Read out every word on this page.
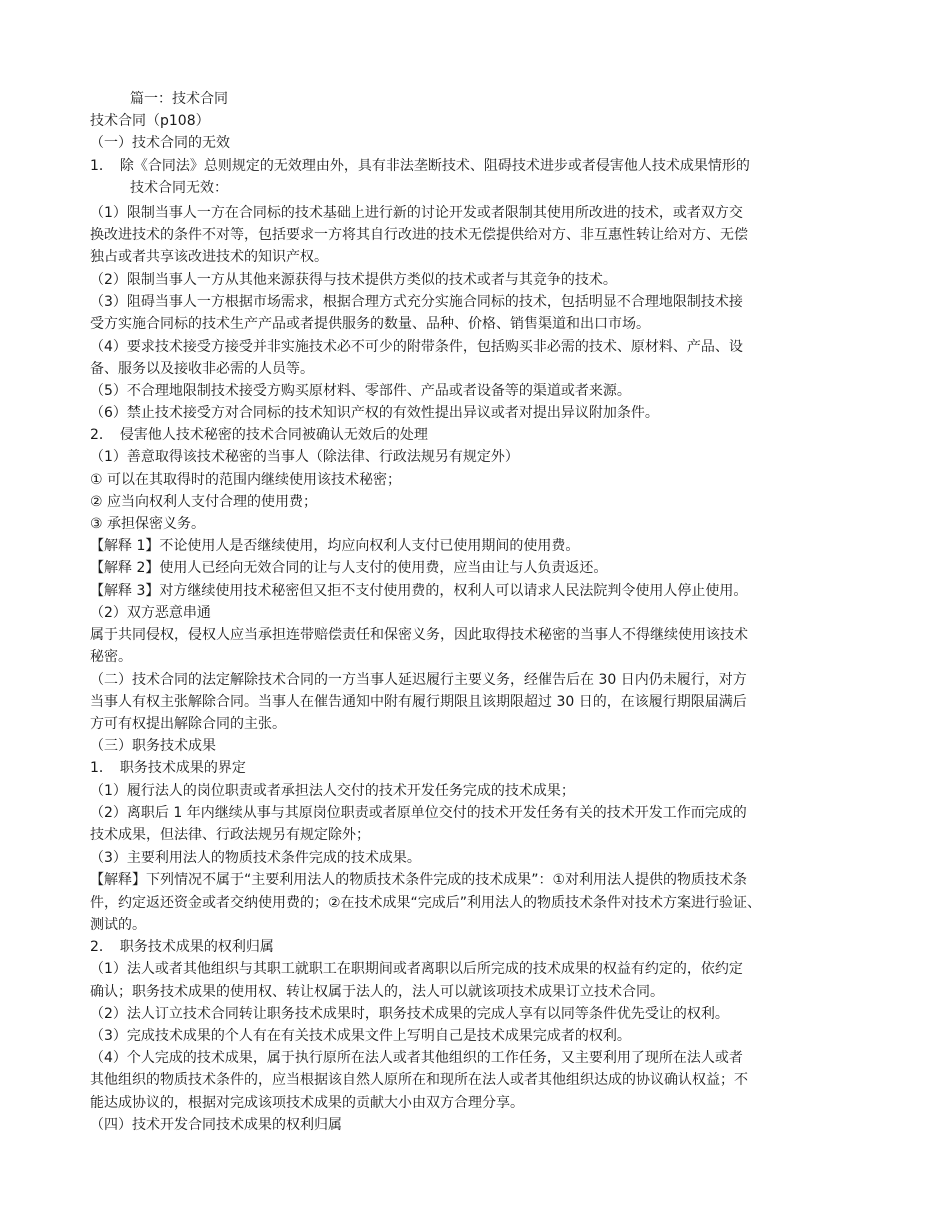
篇一：技术合同
技术合同（p108）
（一）技术合同的无效
1．　除《合同法》总则规定的无效理由外，具有非法垄断技术、阻碍技术进步或者侵害他人技术成果情形的
技术合同无效：
（1）限制当事人一方在合同标的技术基础上进行新的讨论开发或者限制其使用所改进的技术，或者双方交
换改进技术的条件不对等，包括要求一方将其自行改进的技术无偿提供给对方、非互惠性转让给对方、无偿
独占或者共享该改进技术的知识产权。
（2）限制当事人一方从其他来源获得与技术提供方类似的技术或者与其竞争的技术。
（3）阻碍当事人一方根据市场需求，根据合理方式充分实施合同标的技术，包括明显不合理地限制技术接
受方实施合同标的技术生产产品或者提供服务的数量、品种、价格、销售渠道和出口市场。
（4）要求技术接受方接受并非实施技术必不可少的附带条件，包括购买非必需的技术、原材料、产品、设
备、服务以及接收非必需的人员等。
（5）不合理地限制技术接受方购买原材料、零部件、产品或者设备等的渠道或者来源。
（6）禁止技术接受方对合同标的技术知识产权的有效性提出异议或者对提出异议附加条件。
2．　侵害他人技术秘密的技术合同被确认无效后的处理
（1）善意取得该技术秘密的当事人（除法律、行政法规另有规定外）
① 可以在其取得时的范围内继续使用该技术秘密；
② 应当向权利人支付合理的使用费；
③ 承担保密义务。
【解释 1】不论使用人是否继续使用，均应向权利人支付已使用期间的使用费。
【解释 2】使用人已经向无效合同的让与人支付的使用费，应当由让与人负责返还。
【解释 3】对方继续使用技术秘密但又拒不支付使用费的，权利人可以请求人民法院判令使用人停止使用。
（2）双方恶意串通
属于共同侵权，侵权人应当承担连带赔偿责任和保密义务，因此取得技术秘密的当事人不得继续使用该技术
秘密。
（二）技术合同的法定解除技术合同的一方当事人延迟履行主要义务，经催告后在 30 日内仍未履行，对方
当事人有权主张解除合同。当事人在催告通知中附有履行期限且该期限超过 30 日的，在该履行期限届满后
方可有权提出解除合同的主张。
（三）职务技术成果
1．　职务技术成果的界定
（1）履行法人的岗位职责或者承担法人交付的技术开发任务完成的技术成果；
（2）离职后 1 年内继续从事与其原岗位职责或者原单位交付的技术开发任务有关的技术开发工作而完成的
技术成果，但法律、行政法规另有规定除外；
（3）主要利用法人的物质技术条件完成的技术成果。
【解释】下列情况不属于“主要利用法人的物质技术条件完成的技术成果”：①对利用法人提供的物质技术条
件，约定返还资金或者交纳使用费的；②在技术成果“完成后”利用法人的物质技术条件对技术方案进行验证、
测试的。
2．　职务技术成果的权利归属
（1）法人或者其他组织与其职工就职工在职期间或者离职以后所完成的技术成果的权益有约定的，依约定
确认；职务技术成果的使用权、转让权属于法人的，法人可以就该项技术成果订立技术合同。
（2）法人订立技术合同转让职务技术成果时，职务技术成果的完成人享有以同等条件优先受让的权利。
（3）完成技术成果的个人有在有关技术成果文件上写明自己是技术成果完成者的权利。
（4）个人完成的技术成果，属于执行原所在法人或者其他组织的工作任务，又主要利用了现所在法人或者
其他组织的物质技术条件的，应当根据该自然人原所在和现所在法人或者其他组织达成的协议确认权益；不
能达成协议的，根据对完成该项技术成果的贡献大小由双方合理分享。
（四）技术开发合同技术成果的权利归属
